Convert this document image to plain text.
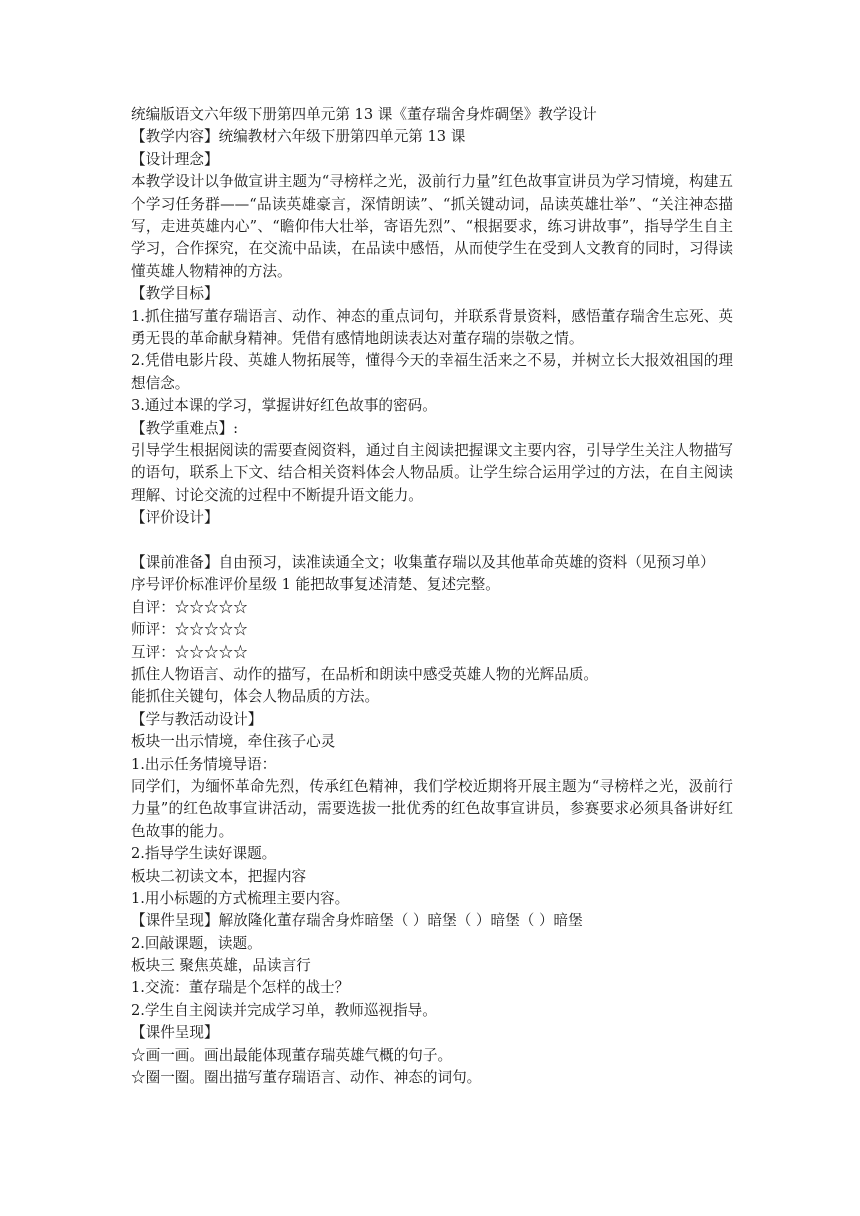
统编版语文六年级下册第四单元第 13 课《董存瑞舍身炸碉堡》教学设计
【教学内容】统编教材六年级下册第四单元第 13 课
【设计理念】
本教学设计以争做宣讲主题为“寻榜样之光，汲前行力量”红色故事宣讲员为学习情境，构建五个学习任务群——“品读英雄豪言，深情朗读”、“抓关键动词，品读英雄壮举”、“关注神态描写，走进英雄内心”、“瞻仰伟大壮举，寄语先烈”、“根据要求，练习讲故事”，指导学生自主学习，合作探究，在交流中品读，在品读中感悟，从而使学生在受到人文教育的同时，习得读懂英雄人物精神的方法。
【教学目标】
1.抓住描写董存瑞语言、动作、神态的重点词句，并联系背景资料，感悟董存瑞舍生忘死、英勇无畏的革命献身精神。凭借有感情地朗读表达对董存瑞的崇敬之情。
2.凭借电影片段、英雄人物拓展等，懂得今天的幸福生活来之不易，并树立长大报效祖国的理想信念。
3.通过本课的学习，掌握讲好红色故事的密码。
【教学重难点】:
引导学生根据阅读的需要查阅资料，通过自主阅读把握课文主要内容，引导学生关注人物描写的语句，联系上下文、结合相关资料体会人物品质。让学生综合运用学过的方法，在自主阅读理解、讨论交流的过程中不断提升语文能力。
【评价设计】
【课前准备】自由预习，读准读通全文；收集董存瑞以及其他革命英雄的资料（见预习单）
序号评价标准评价星级 1 能把故事复述清楚、复述完整。
自评：☆☆☆☆☆
师评：☆☆☆☆☆
互评：☆☆☆☆☆
抓住人物语言、动作的描写，在品析和朗读中感受英雄人物的光辉品质。
能抓住关键句，体会人物品质的方法。
【学与教活动设计】
板块一出示情境，牵住孩子心灵
1.出示任务情境导语：
同学们，为缅怀革命先烈，传承红色精神，我们学校近期将开展主题为“寻榜样之光，汲前行力量”的红色故事宣讲活动，需要选拔一批优秀的红色故事宣讲员，参赛要求必须具备讲好红色故事的能力。
2.指导学生读好课题。
板块二初读文本，把握内容
1.用小标题的方式梳理主要内容。
【课件呈现】解放隆化董存瑞舍身炸暗堡（ ）暗堡（ ）暗堡（ ）暗堡
2.回敲课题，读题。
板块三 聚焦英雄，品读言行
1.交流：董存瑞是个怎样的战士？
2.学生自主阅读并完成学习单，教师巡视指导。
【课件呈现】
☆画一画。画出最能体现董存瑞英雄气概的句子。
☆圈一圈。圈出描写董存瑞语言、动作、神态的词句。
